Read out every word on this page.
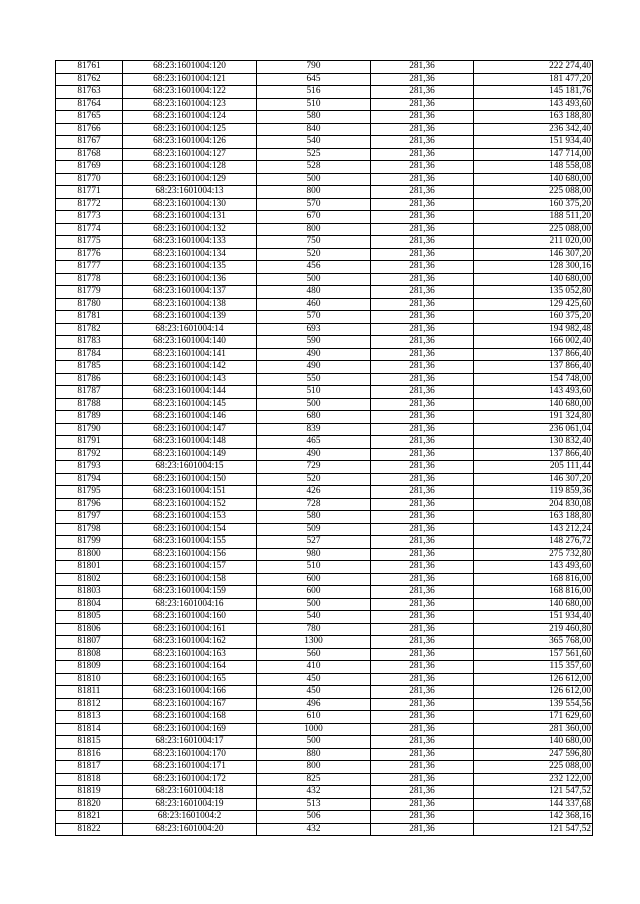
81761	68:23:1601004:120	790	281,36	222 274,40
81762	68:23:1601004:121	645	281,36	181 477,20
81763	68:23:1601004:122	516	281,36	145 181,76
81764	68:23:1601004:123	510	281,36	143 493,60
81765	68:23:1601004:124	580	281,36	163 188,80
81766	68:23:1601004:125	840	281,36	236 342,40
81767	68:23:1601004:126	540	281,36	151 934,40
81768	68:23:1601004:127	525	281,36	147 714,00
81769	68:23:1601004:128	528	281,36	148 558,08
81770	68:23:1601004:129	500	281,36	140 680,00
81771	68:23:1601004:13	800	281,36	225 088,00
81772	68:23:1601004:130	570	281,36	160 375,20
81773	68:23:1601004:131	670	281,36	188 511,20
81774	68:23:1601004:132	800	281,36	225 088,00
81775	68:23:1601004:133	750	281,36	211 020,00
81776	68:23:1601004:134	520	281,36	146 307,20
81777	68:23:1601004:135	456	281,36	128 300,16
81778	68:23:1601004:136	500	281,36	140 680,00
81779	68:23:1601004:137	480	281,36	135 052,80
81780	68:23:1601004:138	460	281,36	129 425,60
81781	68:23:1601004:139	570	281,36	160 375,20
81782	68:23:1601004:14	693	281,36	194 982,48
81783	68:23:1601004:140	590	281,36	166 002,40
81784	68:23:1601004:141	490	281,36	137 866,40
81785	68:23:1601004:142	490	281,36	137 866,40
81786	68:23:1601004:143	550	281,36	154 748,00
81787	68:23:1601004:144	510	281,36	143 493,60
81788	68:23:1601004:145	500	281,36	140 680,00
81789	68:23:1601004:146	680	281,36	191 324,80
81790	68:23:1601004:147	839	281,36	236 061,04
81791	68:23:1601004:148	465	281,36	130 832,40
81792	68:23:1601004:149	490	281,36	137 866,40
81793	68:23:1601004:15	729	281,36	205 111,44
81794	68:23:1601004:150	520	281,36	146 307,20
81795	68:23:1601004:151	426	281,36	119 859,36
81796	68:23:1601004:152	728	281,36	204 830,08
81797	68:23:1601004:153	580	281,36	163 188,80
81798	68:23:1601004:154	509	281,36	143 212,24
81799	68:23:1601004:155	527	281,36	148 276,72
81800	68:23:1601004:156	980	281,36	275 732,80
81801	68:23:1601004:157	510	281,36	143 493,60
81802	68:23:1601004:158	600	281,36	168 816,00
81803	68:23:1601004:159	600	281,36	168 816,00
81804	68:23:1601004:16	500	281,36	140 680,00
81805	68:23:1601004:160	540	281,36	151 934,40
81806	68:23:1601004:161	780	281,36	219 460,80
81807	68:23:1601004:162	1300	281,36	365 768,00
81808	68:23:1601004:163	560	281,36	157 561,60
81809	68:23:1601004:164	410	281,36	115 357,60
81810	68:23:1601004:165	450	281,36	126 612,00
81811	68:23:1601004:166	450	281,36	126 612,00
81812	68:23:1601004:167	496	281,36	139 554,56
81813	68:23:1601004:168	610	281,36	171 629,60
81814	68:23:1601004:169	1000	281,36	281 360,00
81815	68:23:1601004:17	500	281,36	140 680,00
81816	68:23:1601004:170	880	281,36	247 596,80
81817	68:23:1601004:171	800	281,36	225 088,00
81818	68:23:1601004:172	825	281,36	232 122,00
81819	68:23:1601004:18	432	281,36	121 547,52
81820	68:23:1601004:19	513	281,36	144 337,68
81821	68:23:1601004:2	506	281,36	142 368,16
81822	68:23:1601004:20	432	281,36	121 547,52
